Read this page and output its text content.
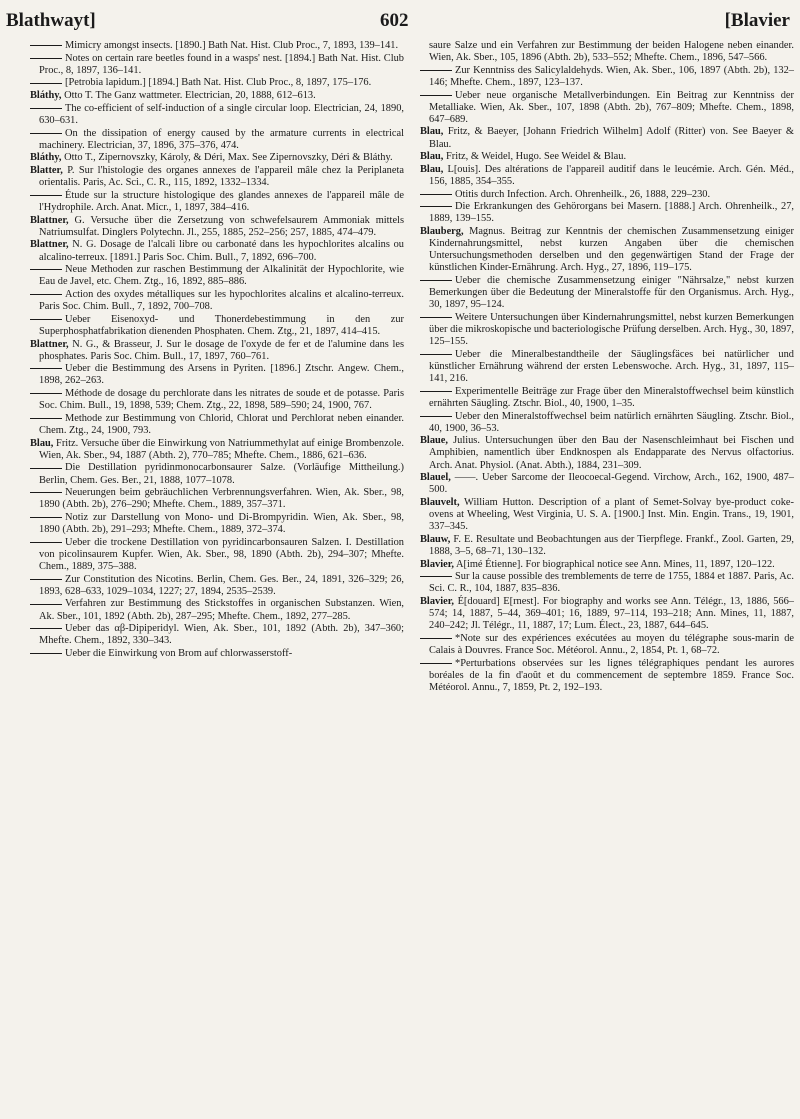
Blathwayt]	602	[Blavier

Mimicry amongst insects. [1890.] Bath Nat. Hist. Club Proc., 7, 1893, 139–141.

Notes on certain rare beetles found in a wasps' nest. [1894.] Bath Nat. Hist. Club Proc., 8, 1897, 136–141.

[Petrobia lapidum.] [1894.] Bath Nat. Hist. Club Proc., 8, 1897, 175–176.

Bláthy, Otto T. The Ganz wattmeter. Electrician, 20, 1888, 612–613.

The co-efficient of self-induction of a single circular loop. Electrician, 24, 1890, 630–631.

On the dissipation of energy caused by the armature currents in electrical machinery. Electrician, 37, 1896, 375–376, 474.

Bláthy, Otto T., Zipernovszky, Károly, & Déri, Max. See Zipernovszky, Déri & Bláthy.

Blatter, P. Sur l'histologie des organes annexes de l'appareil mâle chez la Periplaneta orientalis. Paris, Ac. Sci., C. R., 115, 1892, 1332–1334.

Étude sur la structure histologique des glandes annexes de l'appareil mâle de l'Hydrophile. Arch. Anat. Micr., 1, 1897, 384–416.

Blattner, G. Versuche über die Zersetzung von schwefelsaurem Ammoniak mittels Natriumsulfat. Dinglers Polytechn. Jl., 255, 1885, 252–256; 257, 1885, 474–479.

Blattner, N. G. Dosage de l'alcali libre ou carbonaté dans les hypochlorites alcalins ou alcalino-terreux. [1891.] Paris Soc. Chim. Bull., 7, 1892, 696–700.

Neue Methoden zur raschen Bestimmung der Alkalinität der Hypochlorite, wie Eau de Javel, etc. Chem. Ztg., 16, 1892, 885–886.

Action des oxydes métalliques sur les hypochlorites alcalins et alcalino-terreux. Paris Soc. Chim. Bull., 7, 1892, 700–708.

Ueber Eisenoxyd- und Thonerdebestimmung in den zur Superphosphatfabrikation dienenden Phosphaten. Chem. Ztg., 21, 1897, 414–415.

Blattner, N. G., & Brasseur, J. Sur le dosage de l'oxyde de fer et de l'alumine dans les phosphates. Paris Soc. Chim. Bull., 17, 1897, 760–761.

Ueber die Bestimmung des Arsens in Pyriten. [1896.] Ztschr. Angew. Chem., 1898, 262–263.

Méthode de dosage du perchlorate dans les nitrates de soude et de potasse. Paris Soc. Chim. Bull., 19, 1898, 539; Chem. Ztg., 22, 1898, 589–590; 24, 1900, 767.

Methode zur Bestimmung von Chlorid, Chlorat und Perchlorat neben einander. Chem. Ztg., 24, 1900, 793.

Blau, Fritz. Versuche über die Einwirkung von Natriummethylat auf einige Brombenzole. Wien, Ak. Sber., 94, 1887 (Abth. 2), 770–785; Mhefte. Chem., 1886, 621–636.

Die Destillation pyridinmonocarbonsaurer Salze. (Vorläufige Mittheilung.) Berlin, Chem. Ges. Ber., 21, 1888, 1077–1078.

Neuerungen beim gebräuchlichen Verbrennungsverfahren. Wien, Ak. Sber., 98, 1890 (Abth. 2b), 276–290; Mhefte. Chem., 1889, 357–371.

Notiz zur Darstellung von Mono- und Di-Brompyridin. Wien, Ak. Sber., 98, 1890 (Abth. 2b), 291–293; Mhefte. Chem., 1889, 372–374.

Ueber die trockene Destillation von pyridincarbonsauren Salzen. I. Destillation von picolinsaurem Kupfer. Wien, Ak. Sber., 98, 1890 (Abth. 2b), 294–307; Mhefte. Chem., 1889, 375–388.

Zur Constitution des Nicotins. Berlin, Chem. Ges. Ber., 24, 1891, 326–329; 26, 1893, 628–633, 1029–1034, 1227; 27, 1894, 2535–2539.

Verfahren zur Bestimmung des Stickstoffes in organischen Substanzen. Wien, Ak. Sber., 101, 1892 (Abth. 2b), 287–295; Mhefte. Chem., 1892, 277–285.

Ueber das αβ-Dipiperidyl. Wien, Ak. Sber., 101, 1892 (Abth. 2b), 347–360; Mhefte. Chem., 1892, 330–343.

Ueber die Einwirkung von Brom auf chlorwasserstoff-

saure Salze und ein Verfahren zur Bestimmung der beiden Halogene neben einander. Wien, Ak. Sber., 105, 1896 (Abth. 2b), 533–552; Mhefte. Chem., 1896, 547–566.

Zur Kenntniss des Salicylaldehyds. Wien, Ak. Sber., 106, 1897 (Abth. 2b), 132–146; Mhefte. Chem., 1897, 123–137.

Ueber neue organische Metallverbindungen. Ein Beitrag zur Kenntniss der Metalliake. Wien, Ak. Sber., 107, 1898 (Abth. 2b), 767–809; Mhefte. Chem., 1898, 647–689.

Blau, Fritz, & Baeyer, [Johann Friedrich Wilhelm] Adolf (Ritter) von. See Baeyer & Blau.

Blau, Fritz, & Weidel, Hugo. See Weidel & Blau.

Blau, L[ouis]. Des altérations de l'appareil auditif dans le leucémie. Arch. Gén. Méd., 156, 1885, 354–355.

Otitis durch Infection. Arch. Ohrenheilk., 26, 1888, 229–230.

Die Erkrankungen des Gehörorgans bei Masern. [1888.] Arch. Ohrenheilk., 27, 1889, 139–155.

Blauberg, Magnus. Beitrag zur Kenntnis der chemischen Zusammensetzung einiger Kindernahrungsmittel, nebst kurzen Angaben über die chemischen Untersuchungsmethoden derselben und den gegenwärtigen Stand der Frage der künstlichen Kinder-Ernährung. Arch. Hyg., 27, 1896, 119–175.

Ueber die chemische Zusammensetzung einiger "Nährsalze," nebst kurzen Bemerkungen über die Bedeutung der Mineralstoffe für den Organismus. Arch. Hyg., 30, 1897, 95–124.

Weitere Untersuchungen über Kindernahrungsmittel, nebst kurzen Bemerkungen über die mikroskopische und bacteriologische Prüfung derselben. Arch. Hyg., 30, 1897, 125–155.

Ueber die Mineralbestandtheile der Säuglingsfäces bei natürlicher und künstlicher Ernährung während der ersten Lebenswoche. Arch. Hyg., 31, 1897, 115–141, 216.

Experimentelle Beiträge zur Frage über den Mineralstoffwechsel beim künstlich ernährten Säugling. Ztschr. Biol., 40, 1900, 1–35.

Ueber den Mineralstoffwechsel beim natürlich ernährten Säugling. Ztschr. Biol., 40, 1900, 36–53.

Blaue, Julius. Untersuchungen über den Bau der Nasenschleimhaut bei Fischen und Amphibien, namentlich über Endknospen als Endapparate des Nervus olfactorius. Arch. Anat. Physiol. (Anat. Abth.), 1884, 231–309.

Blauel, ——. Ueber Sarcome der Ileocoecal-Gegend. Virchow, Arch., 162, 1900, 487–500.

Blauvelt, William Hutton. Description of a plant of Semet-Solvay bye-product coke-ovens at Wheeling, West Virginia, U. S. A. [1900.] Inst. Min. Engin. Trans., 19, 1901, 337–345.

Blauw, F. E. Resultate und Beobachtungen aus der Tierpflege. Frankf., Zool. Garten, 29, 1888, 3–5, 68–71, 130–132.

Blavier, A[imé Étienne]. For biographical notice see Ann. Mines, 11, 1897, 120–122.

Sur la cause possible des tremblements de terre de 1755, 1884 et 1887. Paris, Ac. Sci. C. R., 104, 1887, 835–836.

Blavier, É[douard] E[rnest]. For biography and works see Ann. Télégr., 13, 1886, 566–574; 14, 1887, 5–44, 369–401; 16, 1889, 97–114, 193–218; Ann. Mines, 11, 1887, 240–242; Jl. Télégr., 11, 1887, 17; Lum. Élect., 23, 1887, 644–645.

*Note sur des expériences exécutées au moyen du télégraphe sous-marin de Calais à Douvres. France Soc. Météorol. Annu., 2, 1854, Pt. 1, 68–72.

*Perturbations observées sur les lignes télégraphiques pendant les aurores boréales de la fin d'août et du commencement de septembre 1859. France Soc. Météorol. Annu., 7, 1859, Pt. 2, 192–193.
